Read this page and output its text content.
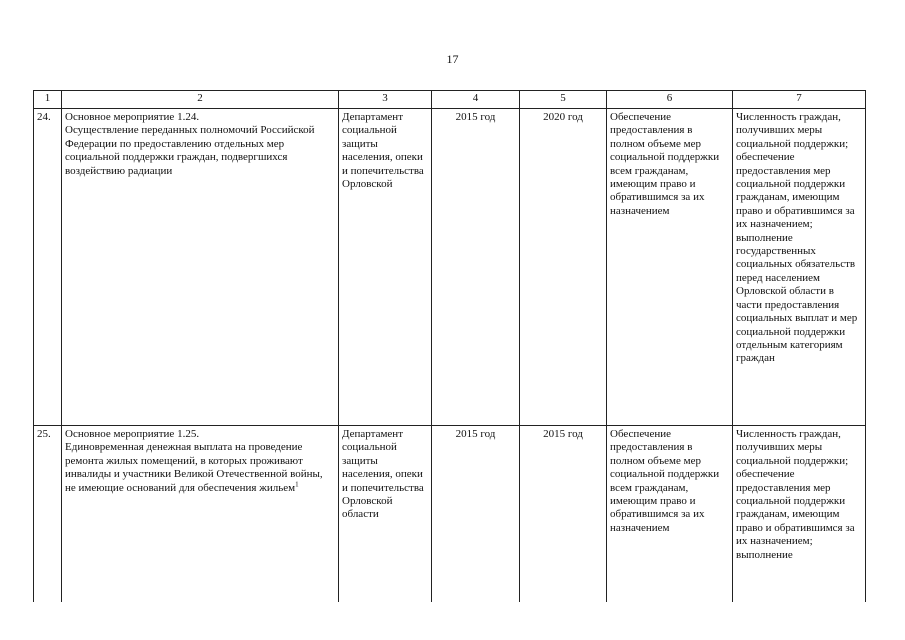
17
1	2	3	4	5	6	7
24.	Основное мероприятие 1.24.
Осуществление переданных полномочий Российской Федерации по предоставлению отдельных мер социальной поддержки граждан, подвергшихся воздействию радиации	Департамент социальной защиты населения, опеки и попечительства Орловской	2015 год	2020 год	Обеспечение предоставления в полном объеме мер социальной поддержки всем гражданам, имеющим право и обратившимся за их назначением	Численность граждан, получивших меры социальной поддержки; обеспечение предоставления мер социальной поддержки гражданам, имеющим право и обратившимся за их назначением; выполнение государственных социальных обязательств перед населением Орловской области в части предоставления социальных выплат и мер социальной поддержки отдельным категориям граждан
25.	Основное мероприятие 1.25.
Единовременная денежная выплата на проведение ремонта жилых помещений, в которых проживают инвалиды и участники Великой Отечественной войны, не имеющие оснований для обеспечения жильем$^1$	Департамент социальной защиты населения, опеки и попечительства Орловской области	2015 год	2015 год	Обеспечение предоставления в полном объеме мер социальной поддержки всем гражданам, имеющим право и обратившимся за их назначением	Численность граждан, получивших меры социальной поддержки; обеспечение предоставления мер социальной поддержки гражданам, имеющим право и обратившимся за их назначением; выполнение
